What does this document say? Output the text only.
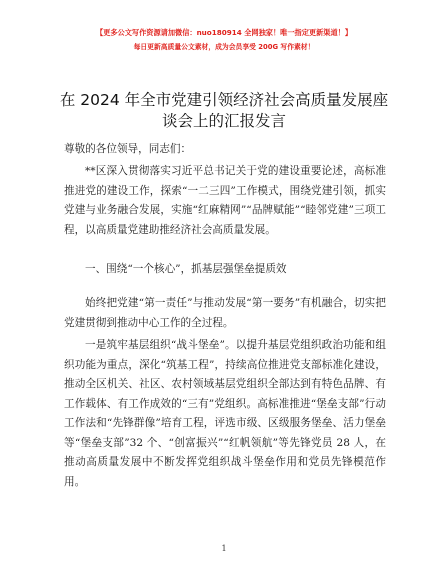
【更多公文写作资源请加微信：nuo180914 全网独家！唯一指定更新渠道！】
每日更新高质量公文素材，成为会员享受 200G 写作素材！
在 2024 年全市党建引领经济社会高质量发展座谈会上的汇报发言
尊敬的各位领导，同志们：
**区深入贯彻落实习近平总书记关于党的建设重要论述，高标准推进党的建设工作，探索“一二三四”工作模式，围绕党建引领，抓实党建与业务融合发展，实施“红麻精网”“品牌赋能”“睦邻党建”三项工程，以高质量党建助推经济社会高质量发展。
一、围绕“一个核心”，抓基层强堡垒提质效
始终把党建“第一责任”与推动发展“第一要务”有机融合，切实把党建贯彻到推动中心工作的全过程。
一是筑牢基层组织“战斗堡垒”。以提升基层党组织政治功能和组织功能为重点，深化“筑基工程”，持续高位推进党支部标准化建设，推动全区机关、社区、农村领域基层党组织全部达到有特色品牌、有工作载体、有工作成效的“三有”党组织。高标准推进“堡垒支部”行动工作法和“先锋群像”培育工程，评选市级、区级服务堡垒、活力堡垒等“堡垒支部”32 个、“创富振兴”“红帆领航”等先锋党员 28 人，在推动高质量发展中不断发挥党组织战斗堡垒作用和党员先锋模范作用。
1
